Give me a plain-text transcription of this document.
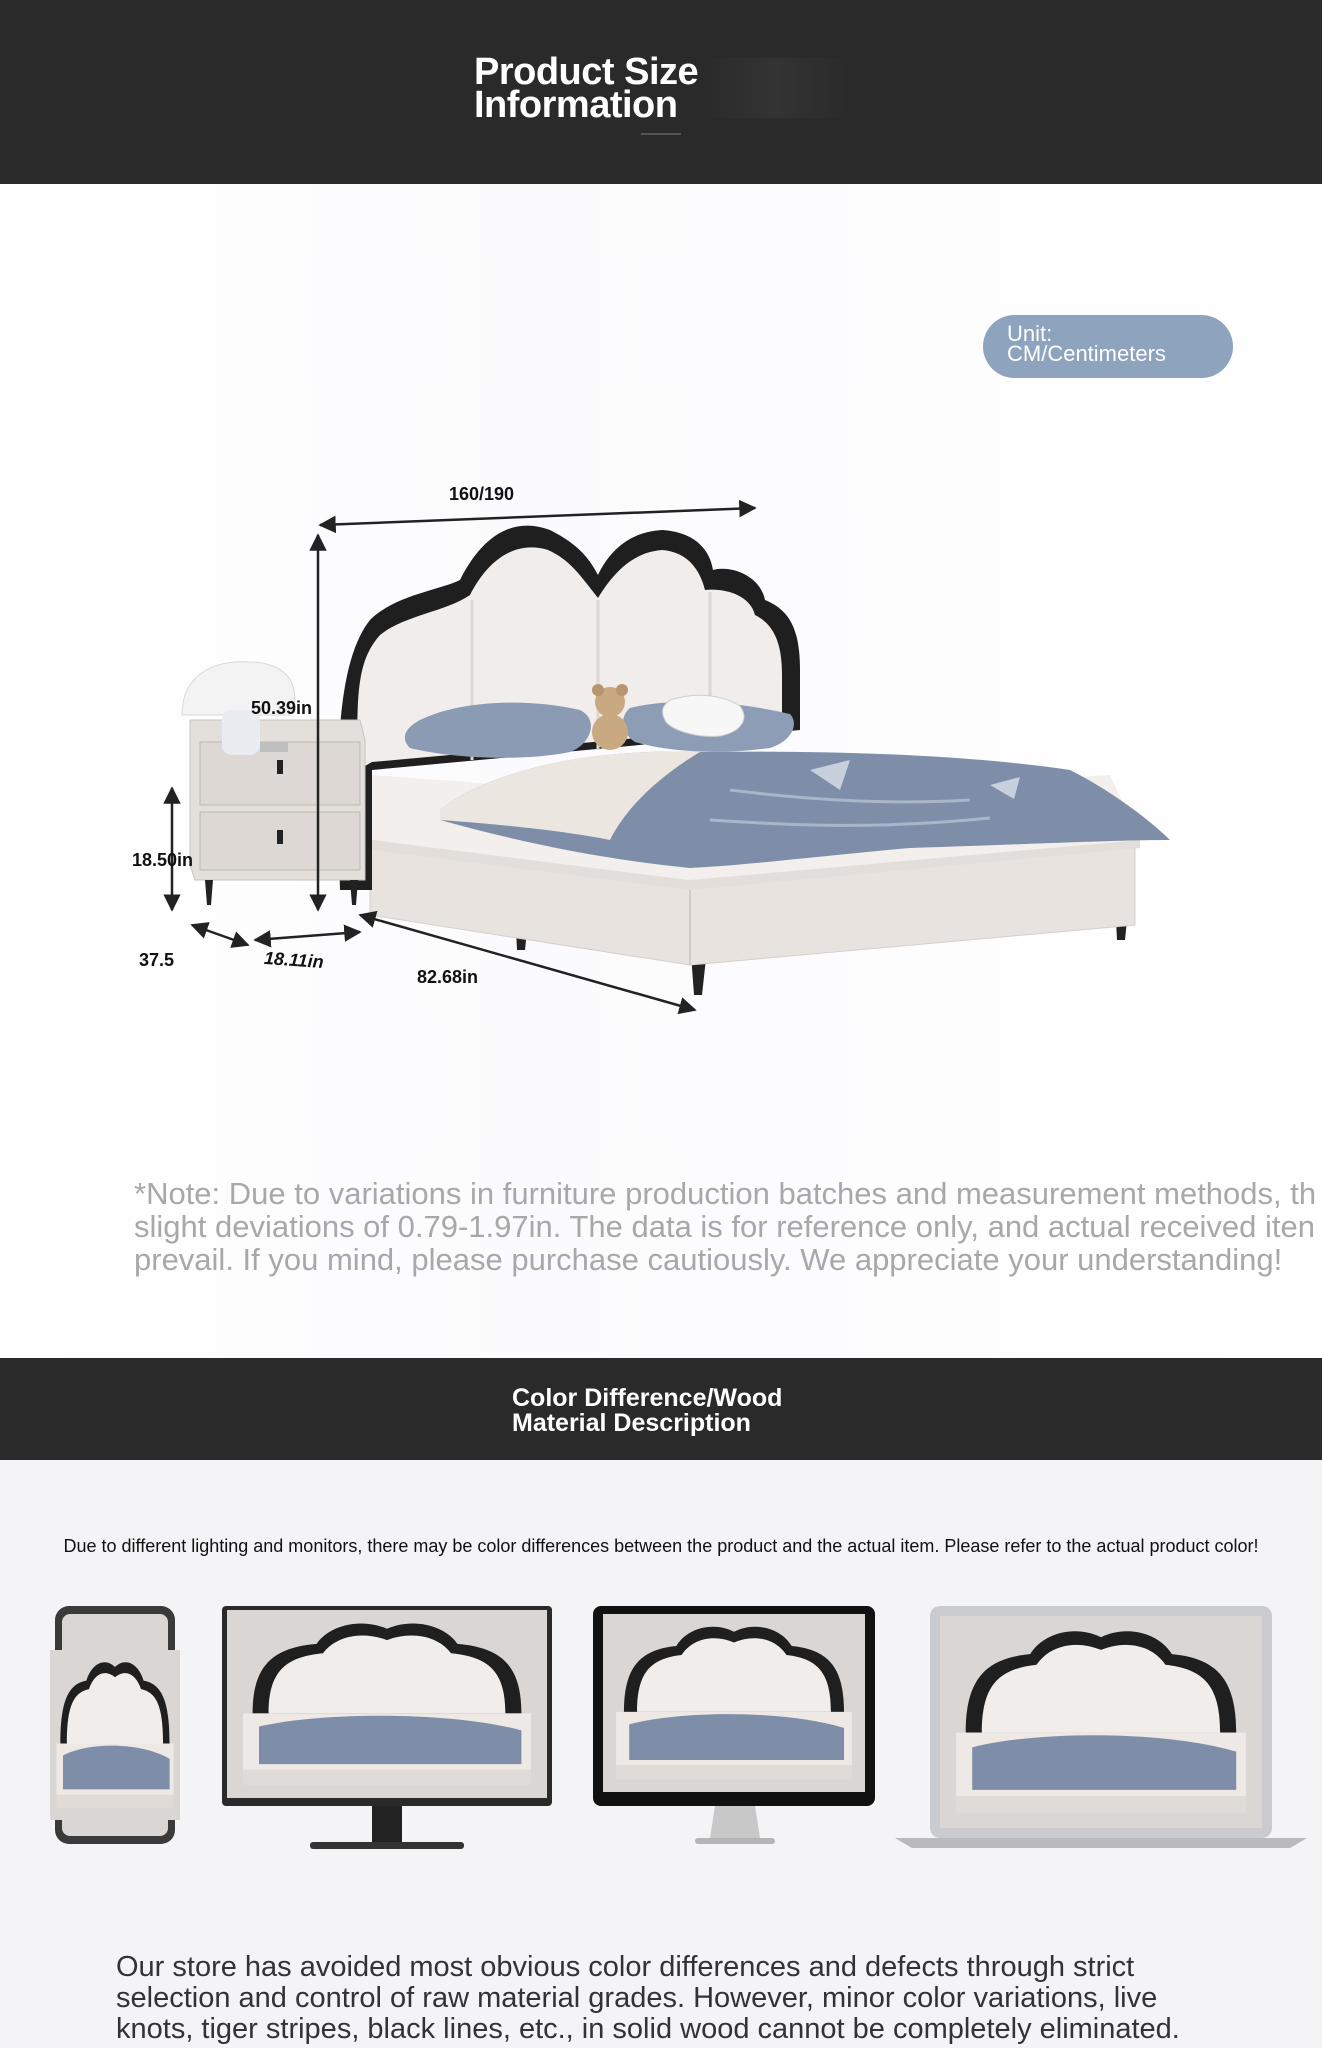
Product Size
Information
Unit:
CM/Centimeters
160/190
50.39in
18.50in
37.5	18.11in
82.68in
*Note: Due to variations in furniture production batches and measurement methods, th
slight deviations of 0.79-1.97in. The data is for reference only, and actual received iten
prevail. If you mind, please purchase cautiously. We appreciate your understanding!
Color Difference/Wood
Material Description
Due to different lighting and monitors, there may be color differences between the product and the actual item. Please refer to the actual product color!
Our store has avoided most obvious color differences and defects through strict
selection and control of raw material grades. However, minor color variations, live
knots, tiger stripes, black lines, etc., in solid wood cannot be completely eliminated.
